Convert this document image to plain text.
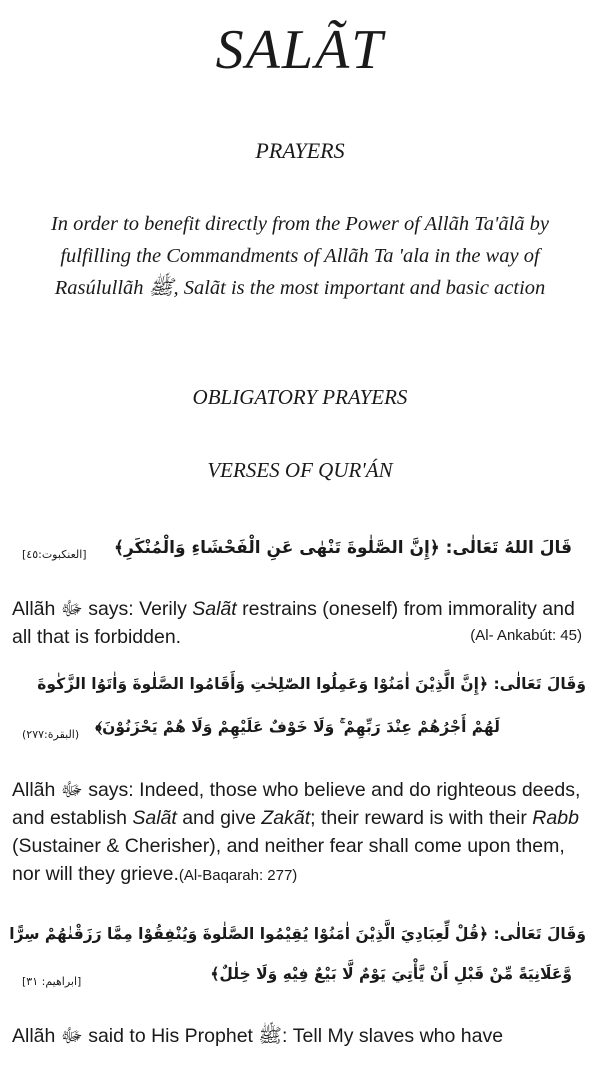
SALÃT
PRAYERS
In order to benefit directly from the Power of Allãh Ta'ãlã by fulfilling the Commandments of Allãh Ta 'ala in the way of Rasúlullãh ﷺ, Salãt is the most important and basic action
OBLIGATORY PRAYERS
VERSES OF QUR'ÁN
قَالَ اللهُ تَعَالٰى: ﴿إِنَّ الصَّلٰوةَ تَنْهٰى عَنِ الْفَحْشَاءِ وَالْمُنْكَرِ﴾
[العنكبوت:٤٥]
Allãh ﷻ says: Verily Salãt restrains (oneself) from immorality and all that is forbidden.	(Al- Ankabút: 45)
وَقَالَ تَعَالٰى: ﴿إِنَّ الَّذِيْنَ اٰمَنُوْا وَعَمِلُوا الصّٰلِحٰتِ وَأَقَامُوا الصَّلٰوةَ وَاٰتَوُا الزَّكٰوةَ
لَهُمْ أَجْرُهُمْ عِنْدَ رَبِّهِمْ ۚ وَلَا خَوْفٌ عَلَيْهِمْ وَلَا هُمْ يَحْزَنُوْنَ﴾
(البقرة:٢٧٧)
Allãh ﷻ says: Indeed, those who believe and do righteous deeds, and establish Salãt and give Zakãt; their reward is with their Rabb (Sustainer & Cherisher), and neither fear shall come upon them, nor will they grieve.(Al-Baqarah: 277)
وَقَالَ تَعَالٰى: ﴿قُلْ لِّعِبَادِيَ الَّذِيْنَ اٰمَنُوْا يُقِيْمُوا الصَّلٰوةَ وَيُنْفِقُوْا مِمَّا رَزَقْنٰهُمْ سِرًّا
وَّعَلَانِيَةً مِّنْ قَبْلِ أَنْ يَّأْتِيَ يَوْمٌ لَّا بَيْعٌ فِيْهِ وَلَا خِلٰلٌ﴾
[ابراهيم: ٣١]
Allãh ﷻ said to His Prophet ﷺ: Tell My slaves who have
